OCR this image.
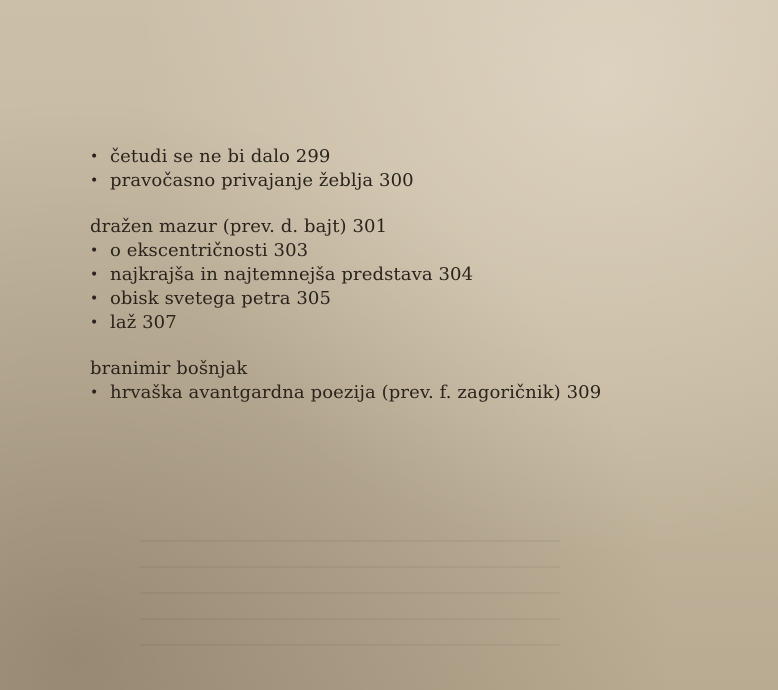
• četudi se ne bi dalo 299
• pravočasno privajanje žeblja 300
dražen mazur (prev. d. bajt) 301
• o ekscentričnosti 303
• najkrajša in najtemnejša predstava 304
• obisk svetega petra 305
• laž 307
branimir bošnjak
• hrvaška avantgardna poezija (prev. f. zagoričnik) 309
